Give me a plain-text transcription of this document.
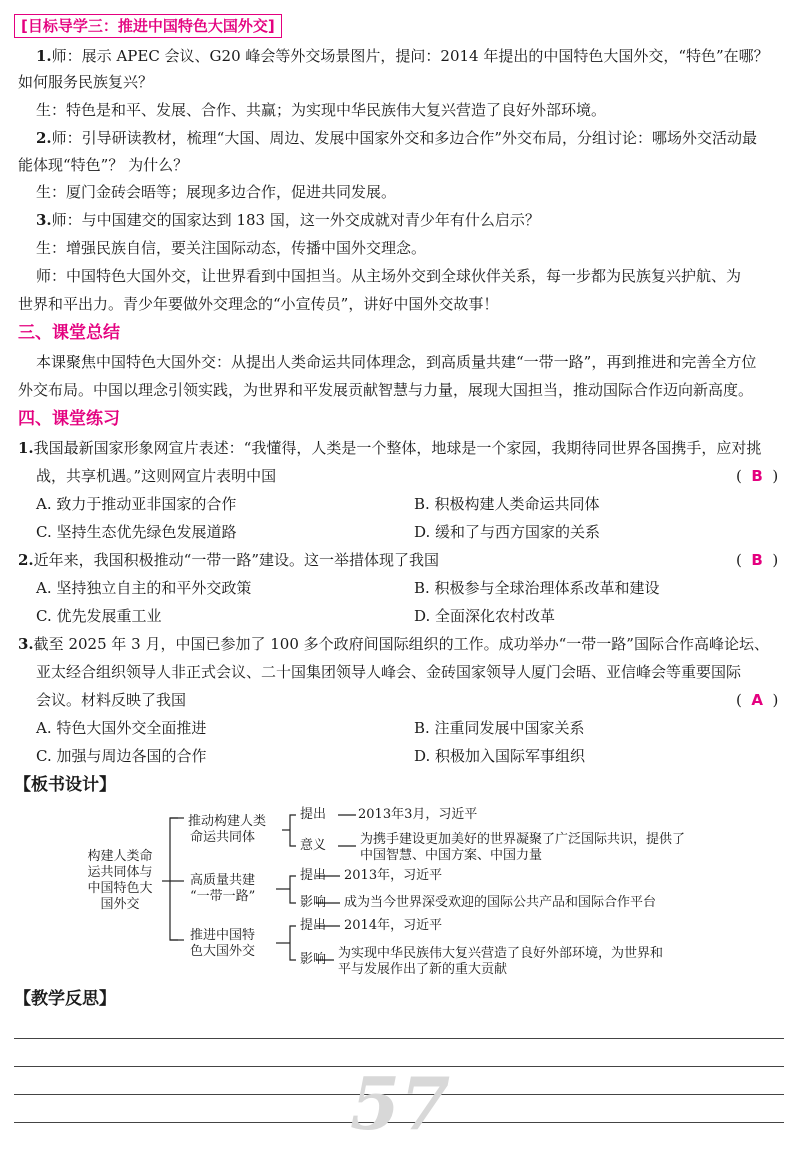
[目标导学三：推进中国特色大国外交]
1.师：展示 APEC 会议、G20 峰会等外交场景图片，提问：2014 年提出的中国特色大国外交，“特色”在哪？
如何服务民族复兴？
生：特色是和平、发展、合作、共赢；为实现中华民族伟大复兴营造了良好外部环境。
2.师：引导研读教材，梳理“大国、周边、发展中国家外交和多边合作”外交布局，分组讨论：哪场外交活动最
能体现“特色”？ 为什么？
生：厦门金砖会晤等；展现多边合作，促进共同发展。
3.师：与中国建交的国家达到 183 国，这一外交成就对青少年有什么启示？
生：增强民族自信，要关注国际动态，传播中国外交理念。
师：中国特色大国外交，让世界看到中国担当。从主场外交到全球伙伴关系，每一步都为民族复兴护航、为
世界和平出力。青少年要做外交理念的“小宣传员”，讲好中国外交故事！
三、课堂总结
本课聚焦中国特色大国外交：从提出人类命运共同体理念，到高质量共建“一带一路”，再到推进和完善全方位
外交布局。中国以理念引领实践，为世界和平发展贡献智慧与力量，展现大国担当，推动国际合作迈向新高度。
四、课堂练习
1.我国最新国家形象网宣片表述：“我懂得，人类是一个整体，地球是一个家园，我期待同世界各国携手，应对挑
战，共享机遇。”这则网宣片表明中国	(  B  )
A. 致力于推动亚非国家的合作	B. 积极构建人类命运共同体
C. 坚持生态优先绿色发展道路	D. 缓和了与西方国家的关系
2.近年来，我国积极推动“一带一路”建设。这一举措体现了我国	(  B  )
A. 坚持独立自主的和平外交政策	B. 积极参与全球治理体系改革和建设
C. 优先发展重工业	D. 全面深化农村改革
3.截至 2025 年 3 月，中国已参加了 100 多个政府间国际组织的工作。成功举办“一带一路”国际合作高峰论坛、
亚太经合组织领导人非正式会议、二十国集团领导人峰会、金砖国家领导人厦门会晤、亚信峰会等重要国际
会议。材料反映了我国	(  A  )
A. 特色大国外交全面推进	B. 注重同发展中国家关系
C. 加强与周边各国的合作	D. 积极加入国际军事组织
【板书设计】
构建人类命
运共同体与
中国特色大
国外交
推动构建人类
命运共同体
提出 2013年3月，习近平
意义	为携手建设更加美好的世界凝聚了广泛国际共识，提供了
中国智慧、中国方案、中国力量
高质量共建
“一带一路”
提出 2013年，习近平
影响 成为当今世界深受欢迎的国际公共产品和国际合作平台
推进中国特
色大国外交
提出 2014年，习近平
影响 为实现中华民族伟大复兴营造了良好外部环境，为世界和
平与发展作出了新的重大贡献
【教学反思】
57
